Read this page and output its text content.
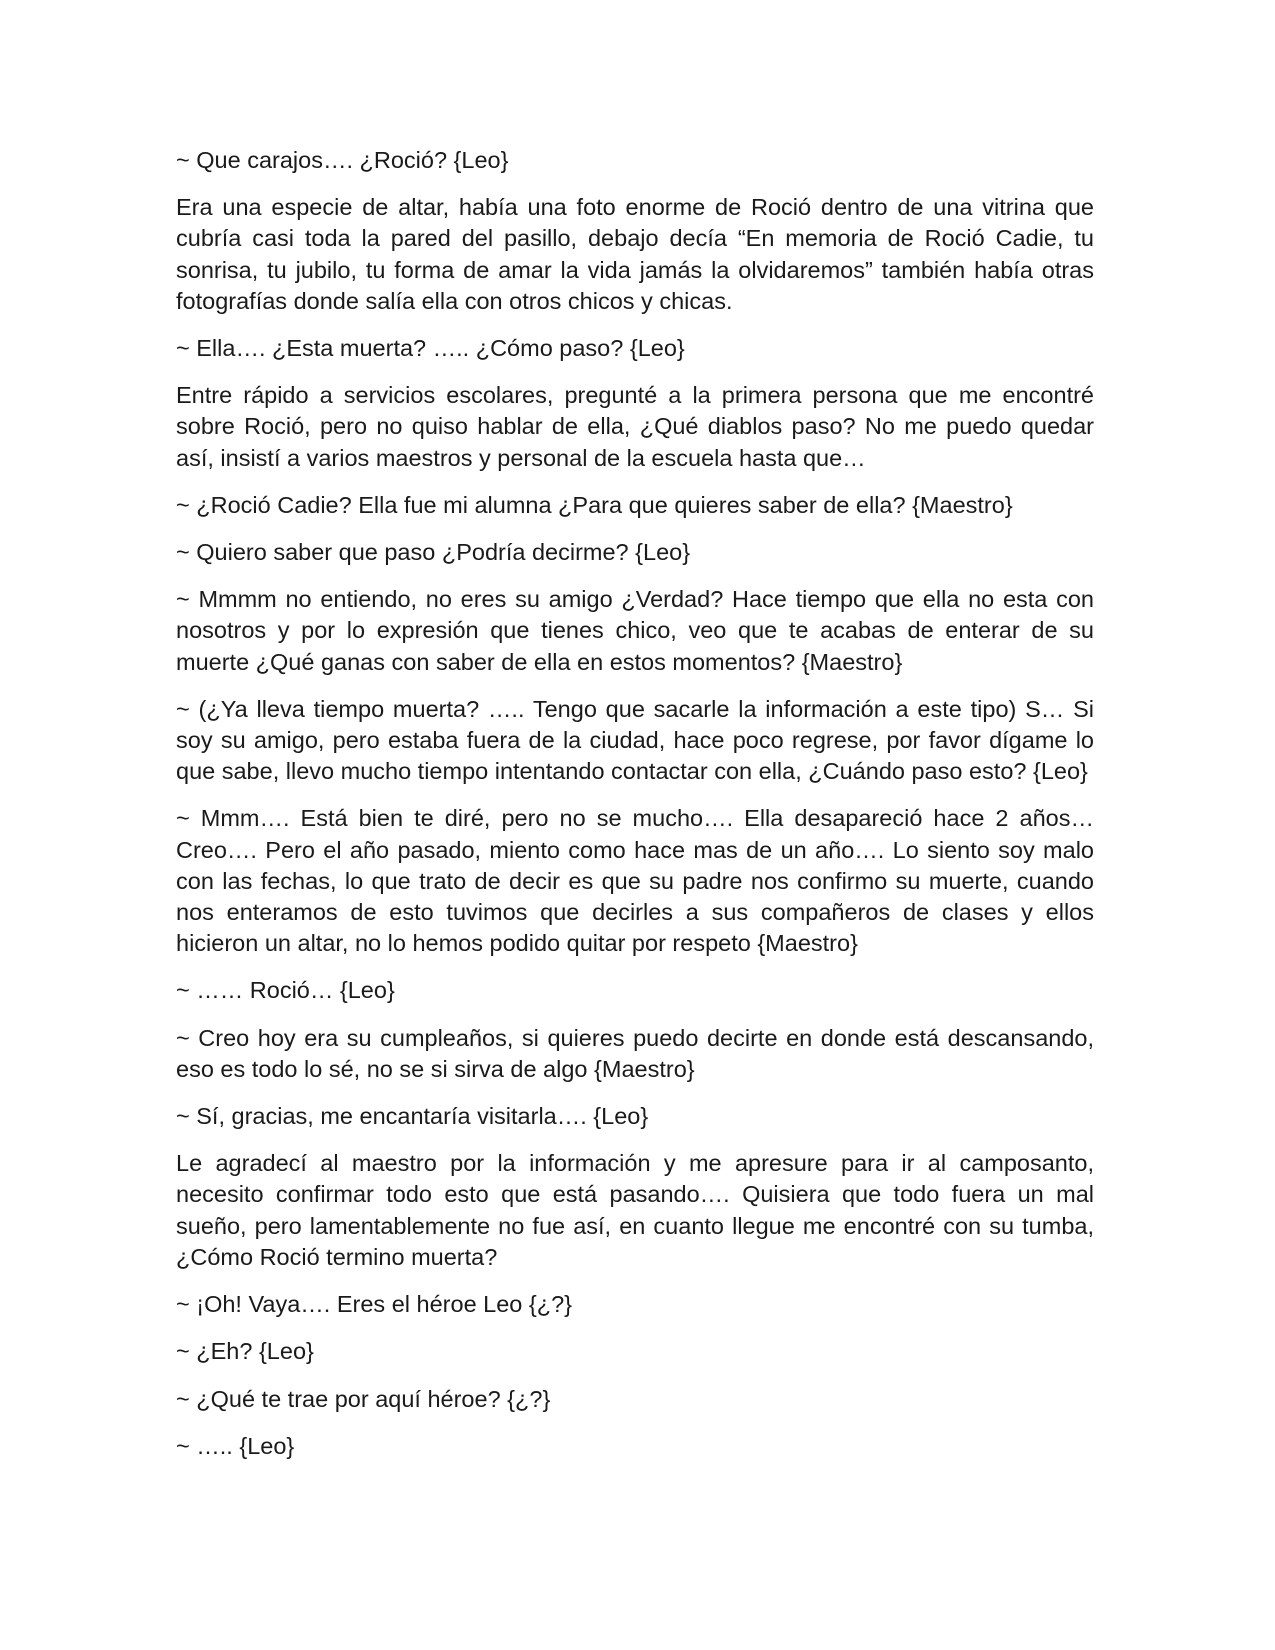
~ Que carajos…. ¿Roció? {Leo}

Era una especie de altar, había una foto enorme de Roció dentro de una vitrina que cubría casi toda la pared del pasillo, debajo decía “En memoria de Roció Cadie, tu sonrisa, tu jubilo, tu forma de amar la vida jamás la olvidaremos” también había otras fotografías donde salía ella con otros chicos y chicas.

~ Ella…. ¿Esta muerta? ….. ¿Cómo paso? {Leo}

Entre rápido a servicios escolares, pregunté a la primera persona que me encontré sobre Roció, pero no quiso hablar de ella, ¿Qué diablos paso? No me puedo quedar así, insistí a varios maestros y personal de la escuela hasta que…

~ ¿Roció Cadie? Ella fue mi alumna ¿Para que quieres saber de ella? {Maestro}

~ Quiero saber que paso ¿Podría decirme? {Leo}

~ Mmmm no entiendo, no eres su amigo ¿Verdad? Hace tiempo que ella no esta con nosotros y por lo expresión que tienes chico, veo que te acabas de enterar de su muerte ¿Qué ganas con saber de ella en estos momentos? {Maestro}

~ (¿Ya lleva tiempo muerta? ….. Tengo que sacarle la información a este tipo) S… Si soy su amigo, pero estaba fuera de la ciudad, hace poco regrese, por favor dígame lo que sabe, llevo mucho tiempo intentando contactar con ella, ¿Cuándo paso esto? {Leo}

~ Mmm…. Está bien te diré, pero no se mucho…. Ella desapareció hace 2 años… Creo…. Pero el año pasado, miento como hace mas de un año…. Lo siento soy malo con las fechas, lo que trato de decir es que su padre nos confirmo su muerte, cuando nos enteramos de esto tuvimos que decirles a sus compañeros de clases y ellos hicieron un altar, no lo hemos podido quitar por respeto {Maestro}

~ …… Roció… {Leo}

~ Creo hoy era su cumpleaños, si quieres puedo decirte en donde está descansando, eso es todo lo sé, no se si sirva de algo {Maestro}

~ Sí, gracias, me encantaría visitarla…. {Leo}

Le agradecí al maestro por la información y me apresure para ir al camposanto, necesito confirmar todo esto que está pasando…. Quisiera que todo fuera un mal sueño, pero lamentablemente no fue así, en cuanto llegue me encontré con su tumba, ¿Cómo Roció termino muerta?

~ ¡Oh! Vaya…. Eres el héroe Leo {¿?}

~ ¿Eh? {Leo}

~ ¿Qué te trae por aquí héroe? {¿?}

~ ….. {Leo}
